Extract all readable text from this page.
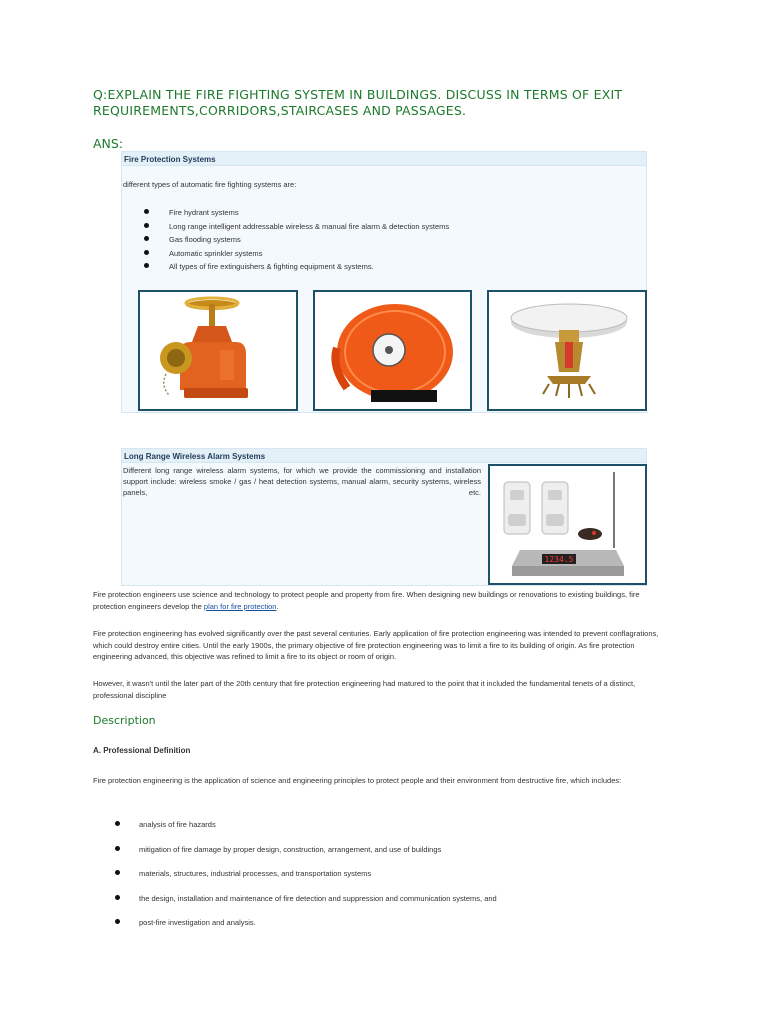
Q:EXPLAIN THE FIRE FIGHTING SYSTEM IN BUILDINGS. DISCUSS IN TERMS OF EXIT REQUIREMENTS,CORRIDORS,STAIRCASES AND PASSAGES.
ANS:
Fire Protection Systems
different types of automatic fire fighting systems are:
Fire hydrant systems
Long range intelligent addressable wireless & manual fire alarm & detection systems
Gas flooding systems
Automatic sprinkler systems
All types of fire extinguishers & fighting equipment & systems.
Long Range Wireless Alarm Systems
Different long range wireless alarm systems, for which we provide the commissioning and installation support include: wireless smoke / gas / heat detection systems, manual alarm, security systems, wireless panels, etc.
1234.5
Fire protection engineers use science and technology to protect people and property from fire. When designing new buildings or renovations to existing buildings, fire protection engineers develop the plan for fire protection.
Fire protection engineering has evolved significantly over the past several centuries. Early application of fire protection engineering was intended to prevent conflagrations, which could destroy entire cities. Until the early 1900s, the primary objective of fire protection engineering was to limit a fire to its building of origin. As fire protection engineering advanced, this objective was refined to limit a fire to its object or room of origin.
However, it wasn't until the later part of the 20th century that fire protection engineering had matured to the point that it included the fundamental tenets of a distinct, professional discipline
Description
A. Professional Definition
Fire protection engineering is the application of science and engineering principles to protect people and their environment from destructive fire, which includes:
analysis of fire hazards
mitigation of fire damage by proper design, construction, arrangement, and use of buildings
materials, structures, industrial processes, and transportation systems
the design, installation and maintenance of fire detection and suppression and communication systems, and
post-fire investigation and analysis.
